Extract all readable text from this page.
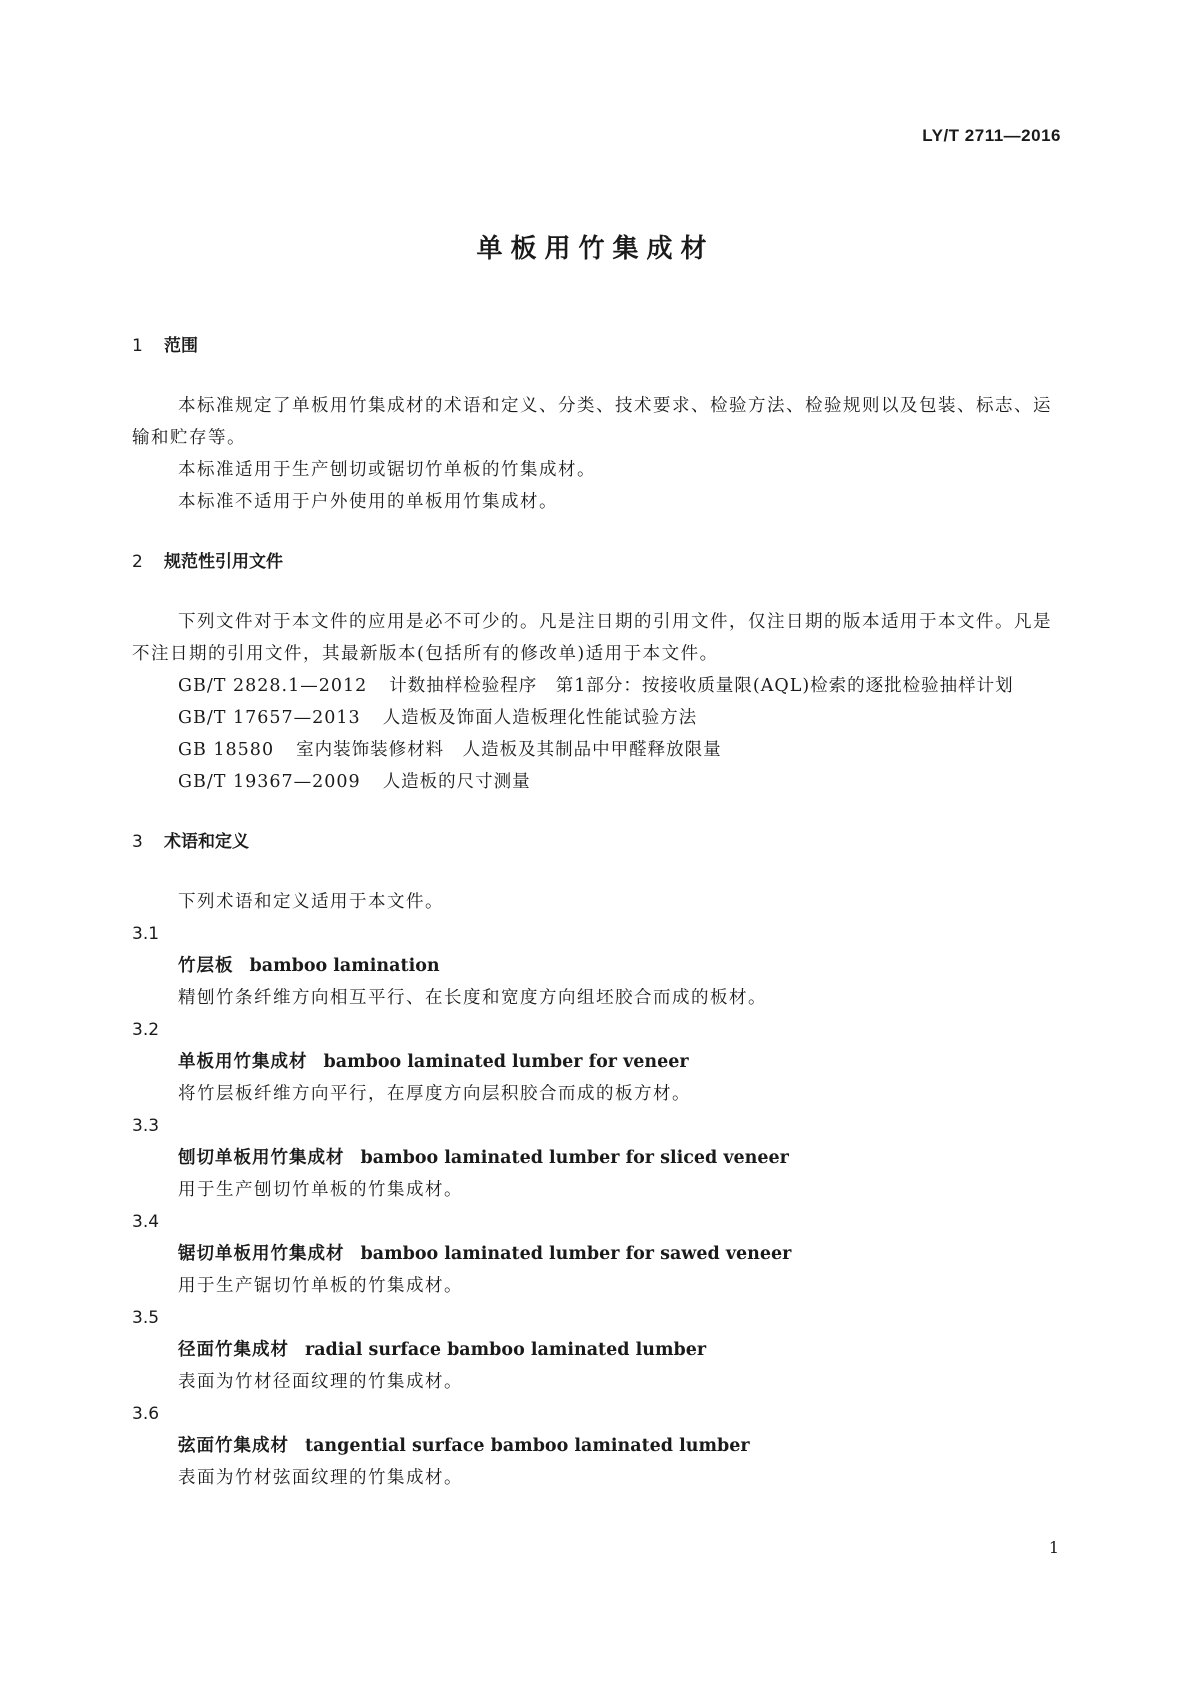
LY/T 2711—2016
单板用竹集成材
1 范围

本标准规定了单板用竹集成材的术语和定义、分类、技术要求、检验方法、检验规则以及包装、标志、运输和贮存等。

本标准适用于生产刨切或锯切竹单板的竹集成材。

本标准不适用于户外使用的单板用竹集成材。

2 规范性引用文件

下列文件对于本文件的应用是必不可少的。凡是注日期的引用文件，仅注日期的版本适用于本文件。凡是不注日期的引用文件，其最新版本(包括所有的修改单)适用于本文件。

GB/T 2828.1—2012 计数抽样检验程序　第1部分：按接收质量限(AQL)检索的逐批检验抽样计划

GB/T 17657—2013 人造板及饰面人造板理化性能试验方法

GB 18580 室内装饰装修材料　人造板及其制品中甲醛释放限量

GB/T 19367—2009 人造板的尺寸测量

3 术语和定义

下列术语和定义适用于本文件。

3.1

竹层板 bamboo lamination

精刨竹条纤维方向相互平行、在长度和宽度方向组坯胶合而成的板材。

3.2

单板用竹集成材 bamboo laminated lumber for veneer

将竹层板纤维方向平行，在厚度方向层积胶合而成的板方材。

3.3

刨切单板用竹集成材 bamboo laminated lumber for sliced veneer

用于生产刨切竹单板的竹集成材。

3.4

锯切单板用竹集成材 bamboo laminated lumber for sawed veneer

用于生产锯切竹单板的竹集成材。

3.5

径面竹集成材 radial surface bamboo laminated lumber

表面为竹材径面纹理的竹集成材。

3.6

弦面竹集成材 tangential surface bamboo laminated lumber

表面为竹材弦面纹理的竹集成材。

1
